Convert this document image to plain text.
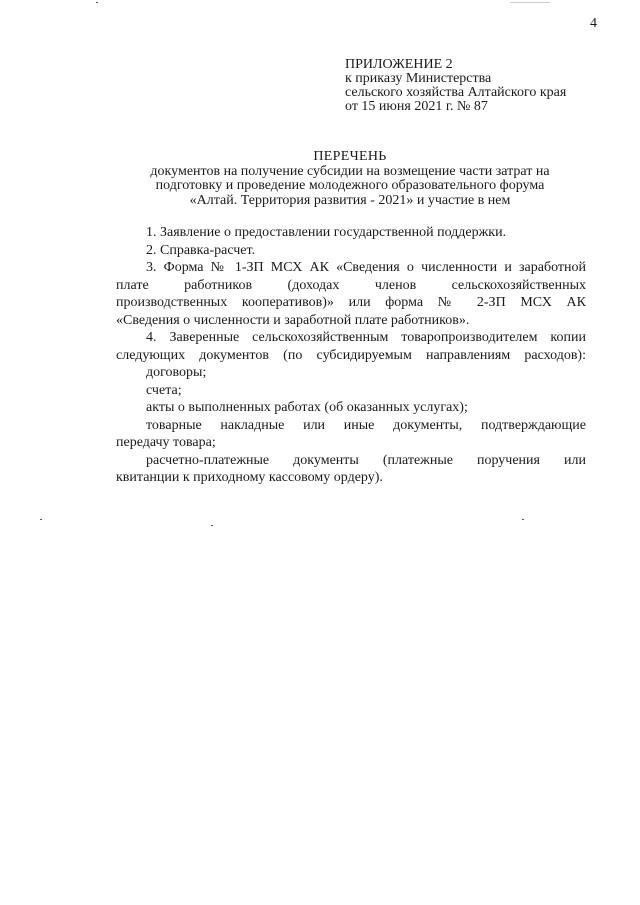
4
ПРИЛОЖЕНИЕ 2
к приказу Министерства
сельского хозяйства Алтайского края
от 15 июня 2021 г. № 87
ПЕРЕЧЕНЬ
документов на получение субсидии на возмещение части затрат на
подготовку и проведение молодежного образовательного форума
«Алтай. Территория развития - 2021» и участие в нем

1. Заявление о предоставлении государственной поддержки.

2. Справка-расчет.

3. Форма № 1-ЗП МСХ АК «Сведения о численности и заработной

плате работников (доходах членов сельскохозяйственных

производственных кооперативов)» или форма № 2-ЗП МСХ АК

«Сведения о численности и заработной плате работников».

4. Заверенные сельскохозяйственным товаропроизводителем копии

следующих документов (по субсидируемым направлениям расходов):

договоры;

счета;

акты о выполненных работах (об оказанных услугах);

товарные накладные или иные документы, подтверждающие

передачу товара;

расчетно-платежные документы (платежные поручения или

квитанции к приходному кассовому ордеру).
